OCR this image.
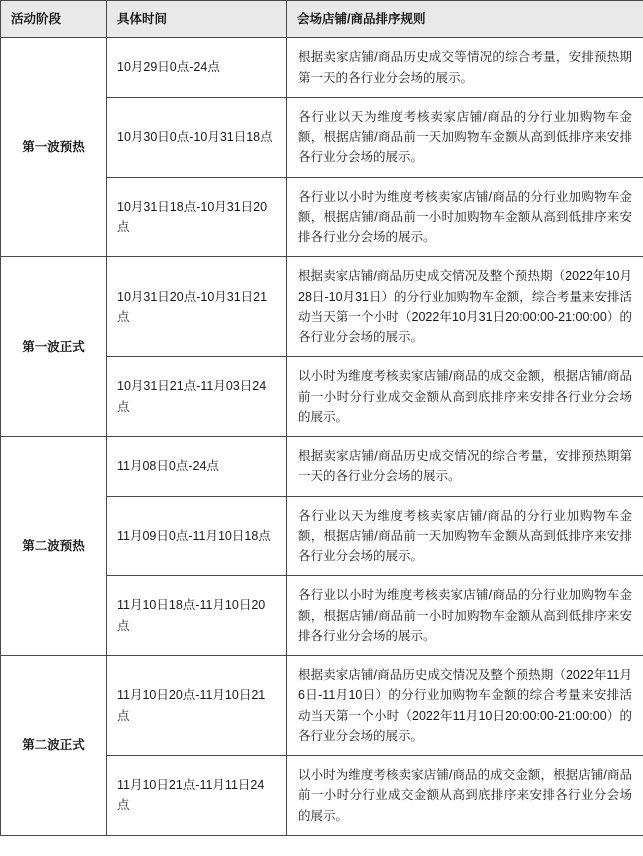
活动阶段	具体时间	会场店铺/商品排序规则
第一波预热	10月29日0点-24点	根据卖家店铺/商品历史成交等情况的综合考量，安排预热期第一天的各行业分会场的展示。
	10月30日0点-10月31日18点	各行业以天为维度考核卖家店铺/商品的分行业加购物车金额，根据店铺/商品前一天加购物车金额从高到低排序来安排各行业分会场的展示。
	10月31日18点-10月31日20点	各行业以小时为维度考核卖家店铺/商品的分行业加购物车金额，根据店铺/商品前一小时加购物车金额从高到低排序来安排各行业分会场的展示。
第一波正式	10月31日20点-10月31日21点	根据卖家店铺/商品历史成交情况及整个预热期（2022年10月28日-10月31日）的分行业加购物车金额，综合考量来安排活动当天第一个小时（2022年10月31日20:00:00-21:00:00）的各行业分会场的展示。
	10月31日21点-11月03日24点	以小时为维度考核卖家店铺/商品的成交金额，根据店铺/商品前一小时分行业成交金额从高到底排序来安排各行业分会场的展示。
第二波预热	11月08日0点-24点	根据卖家店铺/商品历史成交情况的综合考量，安排预热期第一天的各行业分会场的展示。
	11月09日0点-11月10日18点	各行业以天为维度考核卖家店铺/商品的分行业加购物车金额，根据店铺/商品前一天加购物车金额从高到低排序来安排各行业分会场的展示。
	11月10日18点-11月10日20点	各行业以小时为维度考核卖家店铺/商品的分行业加购物车金额，根据店铺/商品前一小时加购物车金额从高到低排序来安排各行业分会场的展示。
第二波正式	11月10日20点-11月10日21点	根据卖家店铺/商品历史成交情况及整个预热期（2022年11月6日-11月10日）的分行业加购物车金额的综合考量来安排活动当天第一个小时（2022年11月10日20:00:00-21:00:00）的各行业分会场的展示。
	11月10日21点-11月11日24点	以小时为维度考核卖家店铺/商品的成交金额，根据店铺/商品前一小时分行业成交金额从高到底排序来安排各行业分会场的展示。
